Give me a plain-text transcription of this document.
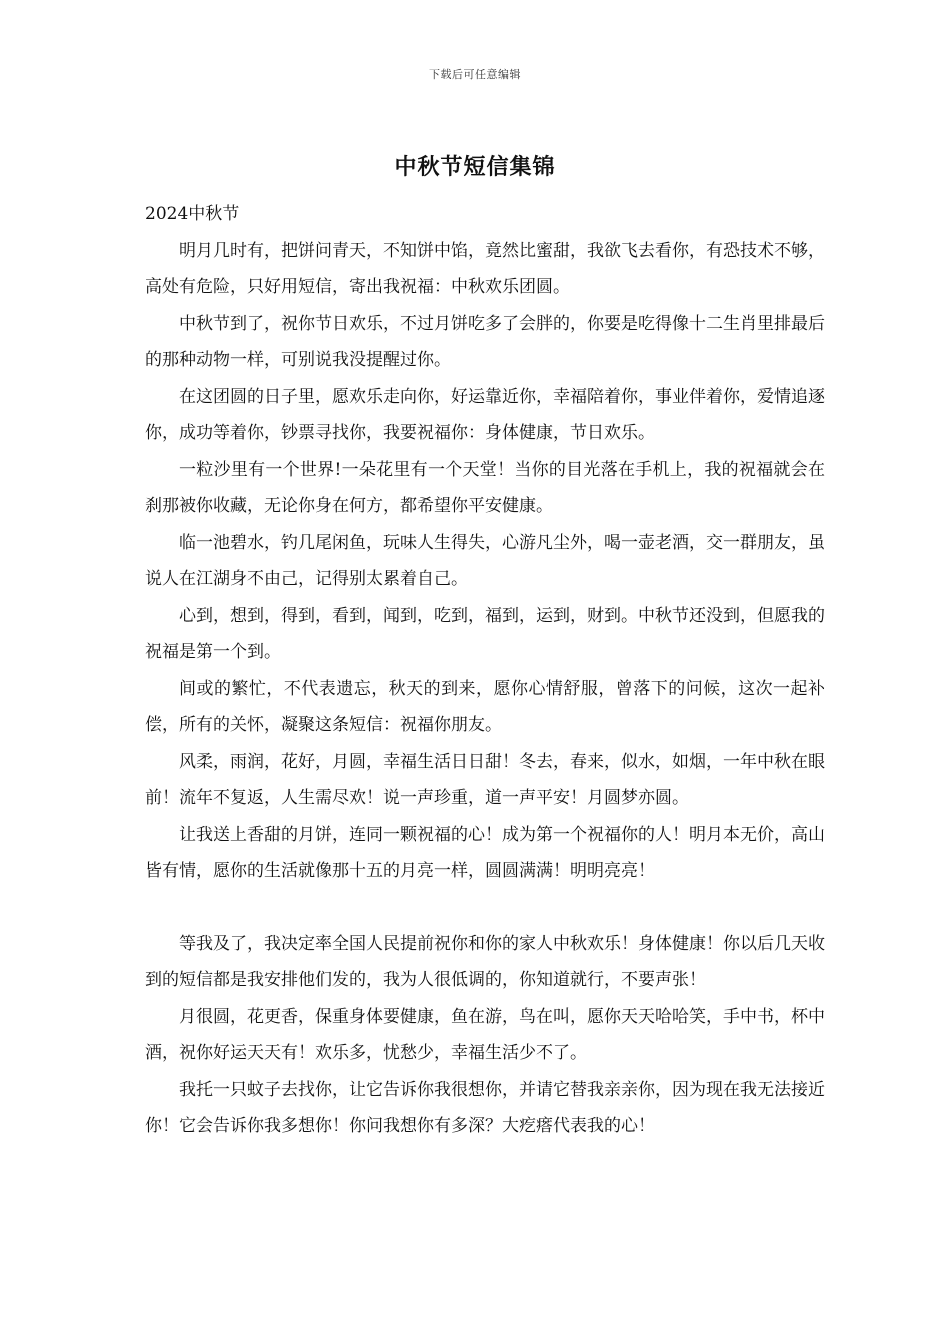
下载后可任意编辑
中秋节短信集锦

2024中秋节

明月几时有，把饼问青天，不知饼中馅，竟然比蜜甜，我欲飞去看你，有恐技术不够，高处有危险，只好用短信，寄出我祝福：中秋欢乐团圆。

中秋节到了，祝你节日欢乐，不过月饼吃多了会胖的，你要是吃得像十二生肖里排最后的那种动物一样，可别说我没提醒过你。

在这团圆的日子里，愿欢乐走向你，好运靠近你，幸福陪着你，事业伴着你，爱情追逐你，成功等着你，钞票寻找你，我要祝福你：身体健康，节日欢乐。

一粒沙里有一个世界!一朵花里有一个天堂！当你的目光落在手机上，我的祝福就会在刹那被你收藏，无论你身在何方，都希望你平安健康。

临一池碧水，钓几尾闲鱼，玩味人生得失，心游凡尘外，喝一壶老酒，交一群朋友，虽说人在江湖身不由己，记得别太累着自己。

心到，想到，得到，看到，闻到，吃到，福到，运到，财到。中秋节还没到，但愿我的祝福是第一个到。

间或的繁忙，不代表遗忘，秋天的到来，愿你心情舒服，曾落下的问候，这次一起补偿，所有的关怀，凝聚这条短信：祝福你朋友。

风柔，雨润，花好，月圆，幸福生活日日甜！冬去，春来，似水，如烟，一年中秋在眼前！流年不复返，人生需尽欢！说一声珍重，道一声平安！月圆梦亦圆。

让我送上香甜的月饼，连同一颗祝福的心！成为第一个祝福你的人！明月本无价，高山皆有情，愿你的生活就像那十五的月亮一样，圆圆满满！明明亮亮！

等我及了，我决定率全国人民提前祝你和你的家人中秋欢乐！身体健康！你以后几天收到的短信都是我安排他们发的，我为人很低调的，你知道就行，不要声张！

月很圆，花更香，保重身体要健康，鱼在游，鸟在叫，愿你天天哈哈笑，手中书，杯中酒，祝你好运天天有！欢乐多，忧愁少，幸福生活少不了。

我托一只蚊子去找你，让它告诉你我很想你，并请它替我亲亲你，因为现在我无法接近你！它会告诉你我多想你！你问我想你有多深？大疙瘩代表我的心！
